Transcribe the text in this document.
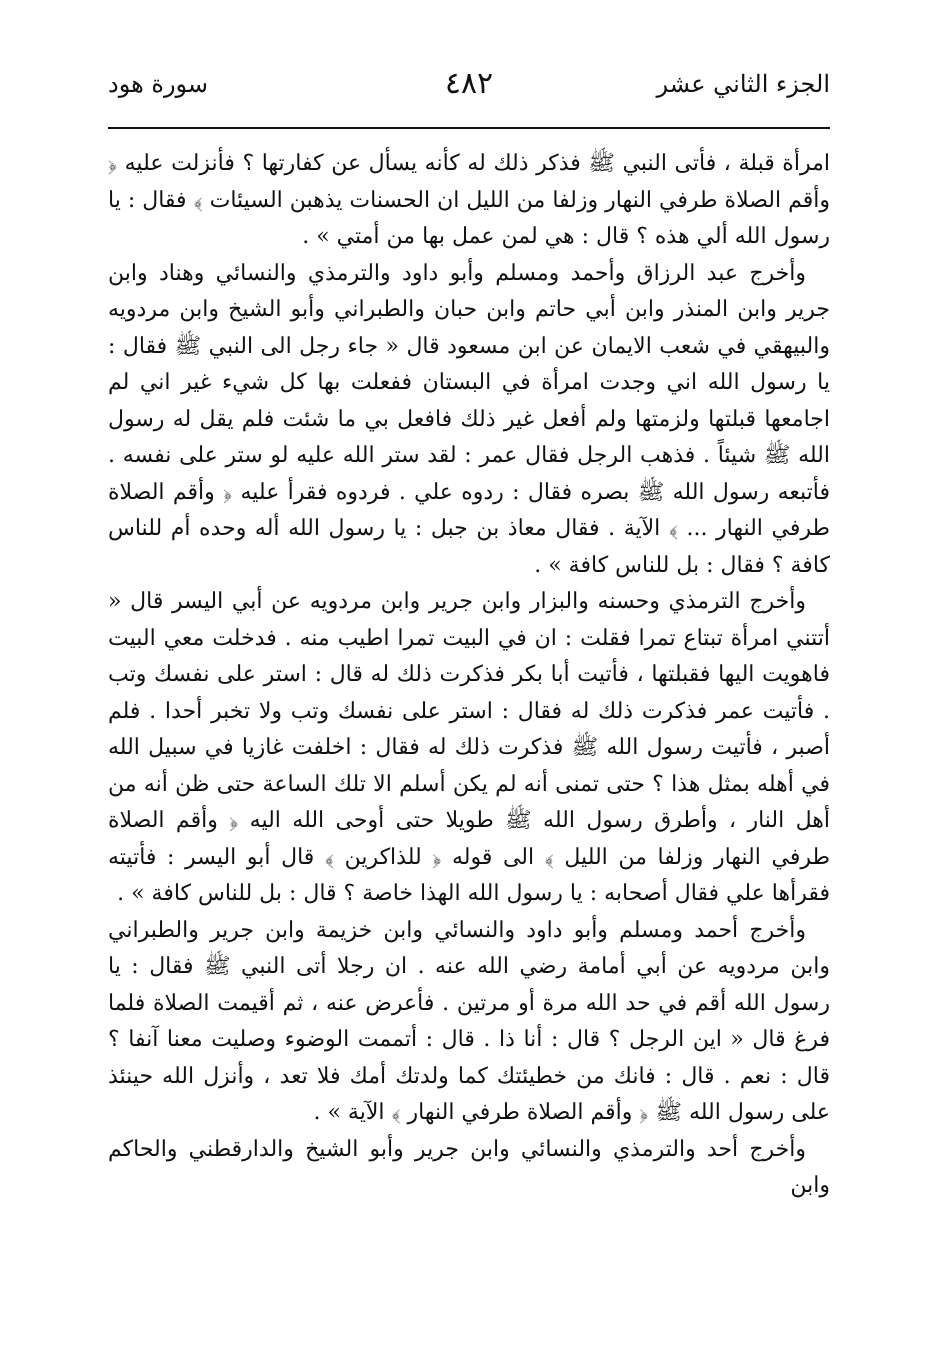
الجزء الثاني عشر
٤٨٢
سورة هود

امرأة قبلة ، فأتى النبي ﷺ فذكر ذلك له كأنه يسأل عن كفارتها ؟ فأنزلت عليه ﴿ وأقم الصلاة طرفي النهار وزلفا من الليل ان الحسنات يذهبن السيئات ﴾ فقال : يا رسول الله ألي هذه ؟ قال : هي لمن عمل بها من أمتي » .

وأخرج عبد الرزاق وأحمد ومسلم وأبو داود والترمذي والنسائي وهناد وابن جرير وابن المنذر وابن أبي حاتم وابن حبان والطبراني وأبو الشيخ وابن مردويه والبيهقي في شعب الايمان عن ابن مسعود قال « جاء رجل الى النبي ﷺ فقال : يا رسول الله اني وجدت امرأة في البستان ففعلت بها كل شيء غير اني لم اجامعها قبلتها ولزمتها ولم أفعل غير ذلك فافعل بي ما شئت فلم يقل له رسول الله ﷺ شيئاً . فذهب الرجل فقال عمر : لقد ستر الله عليه لو ستر على نفسه . فأتبعه رسول الله ﷺ بصره فقال : ردوه علي . فردوه فقرأ عليه ﴿ وأقم الصلاة طرفي النهار ... ﴾ الآية . فقال معاذ بن جبل : يا رسول الله أله وحده أم للناس كافة ؟ فقال : بل للناس كافة » .

وأخرج الترمذي وحسنه والبزار وابن جرير وابن مردويه عن أبي اليسر قال « أتتني امرأة تبتاع تمرا فقلت : ان في البيت تمرا اطيب منه . فدخلت معي البيت فاهويت اليها فقبلتها ، فأتيت أبا بكر فذكرت ذلك له قال : استر على نفسك وتب . فأتيت عمر فذكرت ذلك له فقال : استر على نفسك وتب ولا تخبر أحدا . فلم أصبر ، فأتيت رسول الله ﷺ فذكرت ذلك له فقال : اخلفت غازيا في سبيل الله في أهله بمثل هذا ؟ حتى تمنى أنه لم يكن أسلم الا تلك الساعة حتى ظن أنه من أهل النار ، وأطرق رسول الله ﷺ طويلا حتى أوحى الله اليه ﴿ وأقم الصلاة طرفي النهار وزلفا من الليل ﴾ الى قوله ﴿ للذاكرين ﴾ قال أبو اليسر : فأتيته فقرأها علي فقال أصحابه : يا رسول الله الهذا خاصة ؟ قال : بل للناس كافة » .

وأخرج أحمد ومسلم وأبو داود والنسائي وابن خزيمة وابن جرير والطبراني وابن مردويه عن أبي أمامة رضي الله عنه . ان رجلا أتى النبي ﷺ فقال : يا رسول الله أقم في حد الله مرة أو مرتين . فأعرض عنه ، ثم أقيمت الصلاة فلما فرغ قال « اين الرجل ؟ قال : أنا ذا . قال : أتممت الوضوء وصليت معنا آنفا ؟ قال : نعم . قال : فانك من خطيئتك كما ولدتك أمك فلا تعد ، وأنزل الله حينئذ على رسول الله ﷺ ﴿ وأقم الصلاة طرفي النهار ﴾ الآية » .

وأخرج أحد والترمذي والنسائي وابن جرير وأبو الشيخ والدارقطني والحاكم وابن
